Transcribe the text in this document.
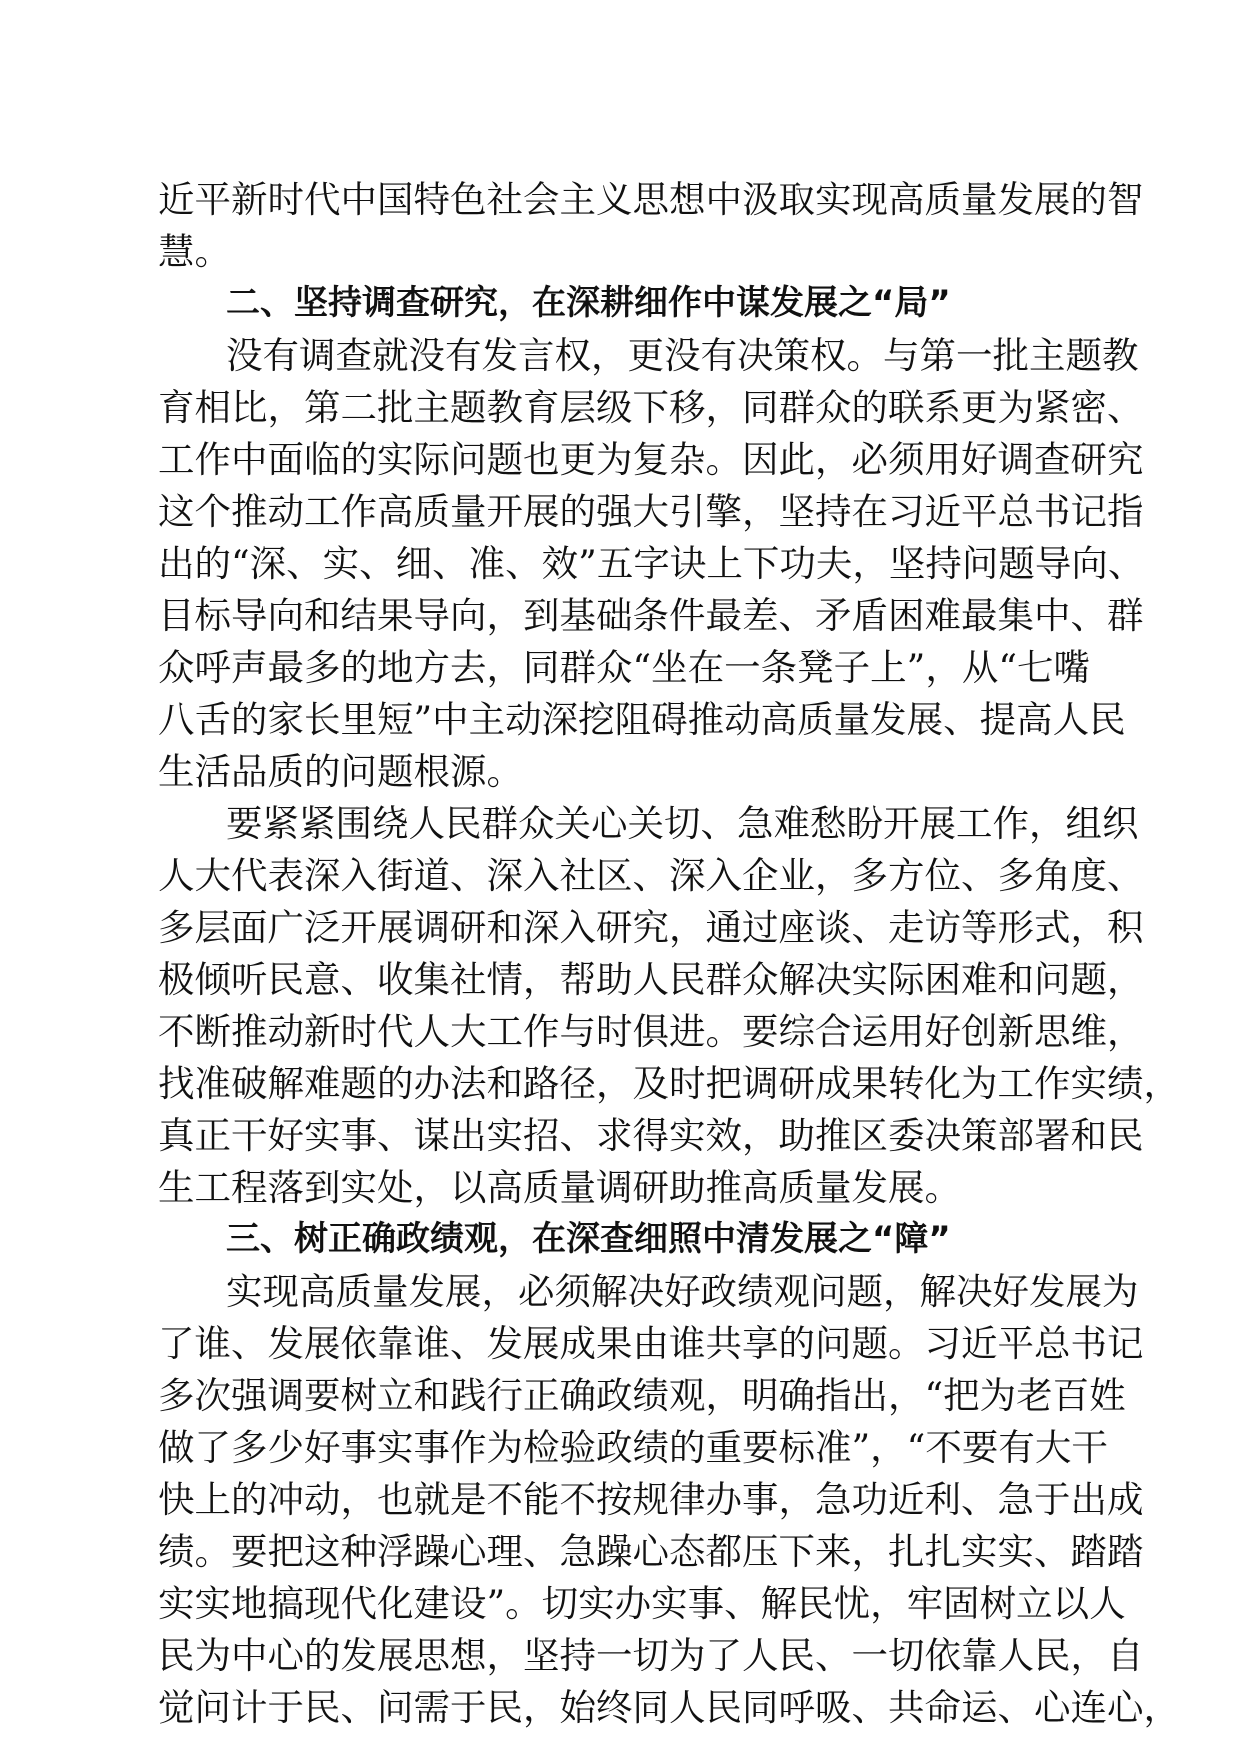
近平新时代中国特色社会主义思想中汲取实现高质量发展的智
慧。
二、坚持调查研究，在深耕细作中谋发展之“局”
没有调查就没有发言权，更没有决策权。与第一批主题教
育相比，第二批主题教育层级下移，同群众的联系更为紧密、
工作中面临的实际问题也更为复杂。因此，必须用好调查研究
这个推动工作高质量开展的强大引擎，坚持在习近平总书记指
出的“深、实、细、准、效”五字诀上下功夫，坚持问题导向、
目标导向和结果导向，到基础条件最差、矛盾困难最集中、群
众呼声最多的地方去，同群众“坐在一条凳子上”，从“七嘴
八舌的家长里短”中主动深挖阻碍推动高质量发展、提高人民
生活品质的问题根源。
要紧紧围绕人民群众关心关切、急难愁盼开展工作，组织
人大代表深入街道、深入社区、深入企业，多方位、多角度、
多层面广泛开展调研和深入研究，通过座谈、走访等形式，积
极倾听民意、收集社情，帮助人民群众解决实际困难和问题，
不断推动新时代人大工作与时俱进。要综合运用好创新思维，
找准破解难题的办法和路径，及时把调研成果转化为工作实绩，
真正干好实事、谋出实招、求得实效，助推区委决策部署和民
生工程落到实处，以高质量调研助推高质量发展。
三、树正确政绩观，在深查细照中清发展之“障”
实现高质量发展，必须解决好政绩观问题，解决好发展为
了谁、发展依靠谁、发展成果由谁共享的问题。习近平总书记
多次强调要树立和践行正确政绩观，明确指出，“把为老百姓
做了多少好事实事作为检验政绩的重要标准”，“不要有大干
快上的冲动，也就是不能不按规律办事，急功近利、急于出成
绩。要把这种浮躁心理、急躁心态都压下来，扎扎实实、踏踏
实实地搞现代化建设”。切实办实事、解民忧，牢固树立以人
民为中心的发展思想，坚持一切为了人民、一切依靠人民，自
觉问计于民、问需于民，始终同人民同呼吸、共命运、心连心，
